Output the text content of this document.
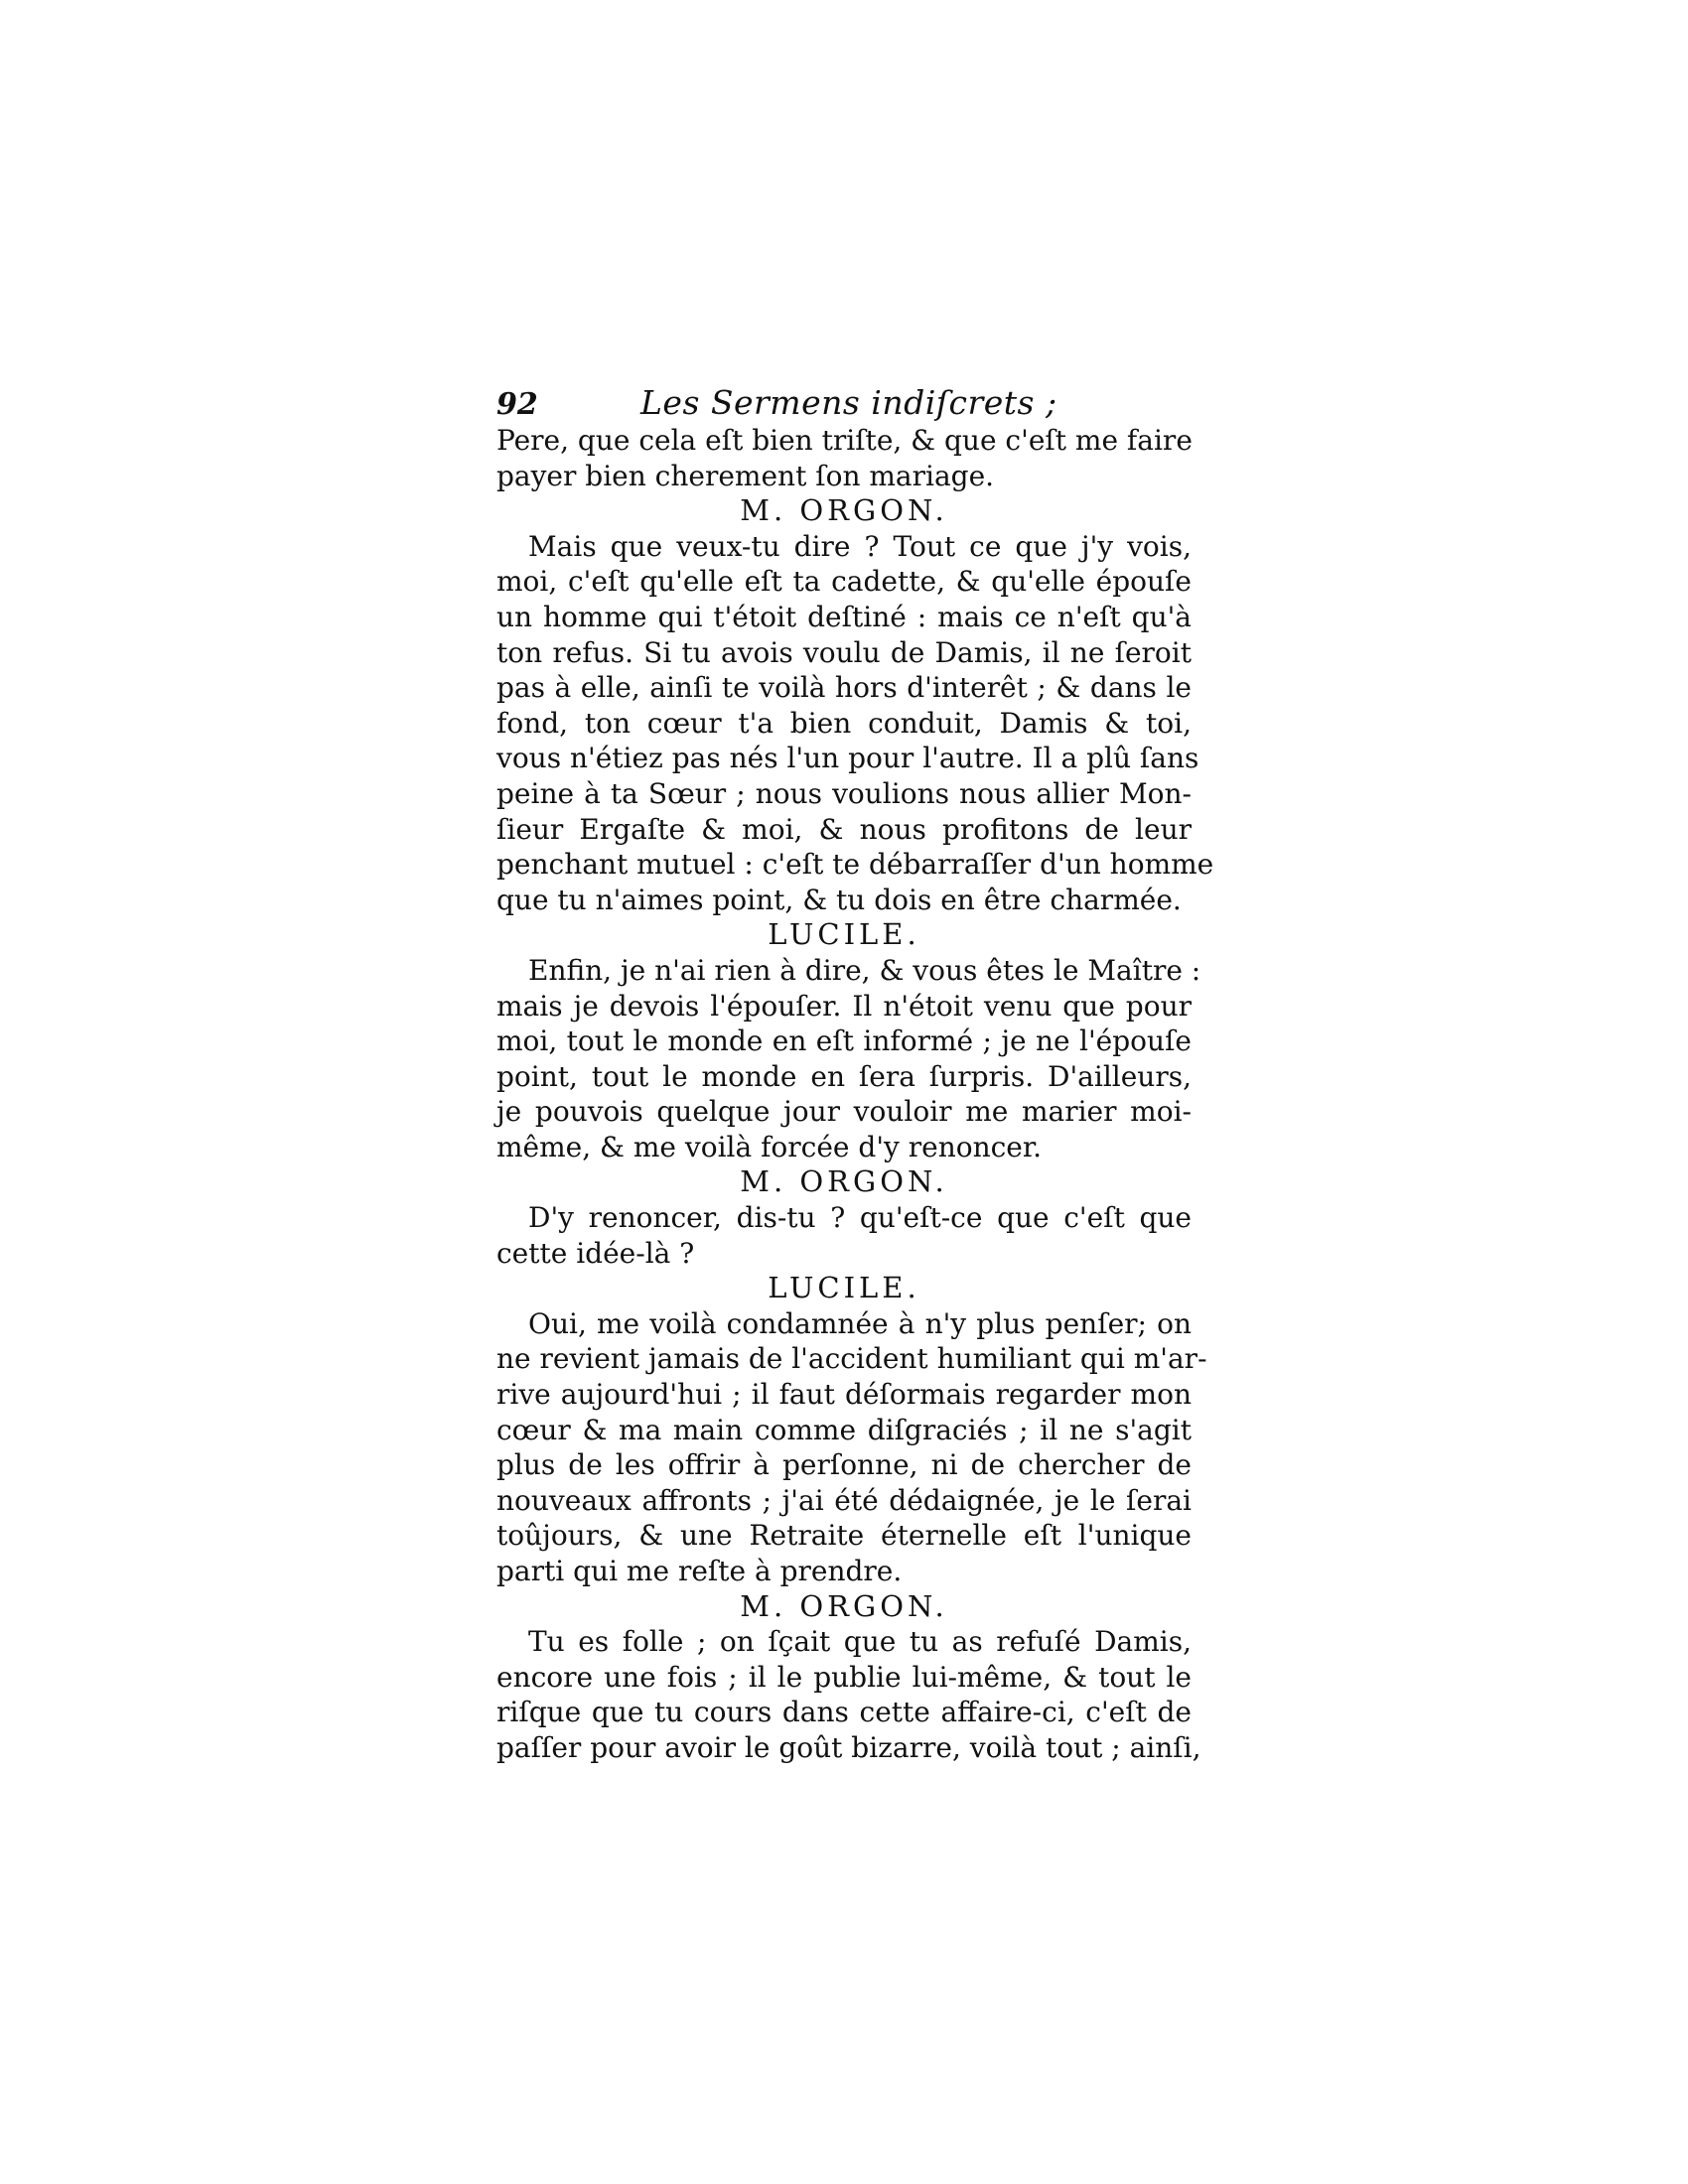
92	Les Sermens indiſcrets ;
Pere, que cela eſt bien triſte, & que c'eſt me faire
payer bien cherement ſon mariage.
M. ORGON.
Mais que veux-tu dire ? Tout ce que j'y vois,
moi, c'eſt qu'elle eſt ta cadette, & qu'elle épouſe
un homme qui t'étoit deſtiné : mais ce n'eſt qu'à
ton refus. Si tu avois voulu de Damis, il ne ſeroit
pas à elle, ainſi te voilà hors d'interêt ; & dans le
fond, ton cœur t'a bien conduit, Damis & toi,
vous n'étiez pas nés l'un pour l'autre. Il a plû ſans
peine à ta Sœur ; nous voulions nous allier Mon-
ſieur Ergaſte & moi, & nous profitons de leur
penchant mutuel : c'eſt te débarraſſer d'un homme
que tu n'aimes point, & tu dois en être charmée.
LUCILE.
Enfin, je n'ai rien à dire, & vous êtes le Maître :
mais je devois l'épouſer. Il n'étoit venu que pour
moi, tout le monde en eſt informé ; je ne l'épouſe
point, tout le monde en ſera ſurpris. D'ailleurs,
je pouvois quelque jour vouloir me marier moi-
même, & me voilà forcée d'y renoncer.
M. ORGON.
D'y renoncer, dis-tu ? qu'eſt-ce que c'eſt que
cette idée-là ?
LUCILE.
Oui, me voilà condamnée à n'y plus penſer; on
ne revient jamais de l'accident humiliant qui m'ar-
rive aujourd'hui ; il faut déſormais regarder mon
cœur & ma main comme diſgraciés ; il ne s'agit
plus de les offrir à perſonne, ni de chercher de
nouveaux affronts ; j'ai été dédaignée, je le ſerai
toûjours, & une Retraite éternelle eſt l'unique
parti qui me reſte à prendre.
M. ORGON.
Tu es folle ; on ſçait que tu as refuſé Damis,
encore une fois ; il le publie lui-même, & tout le
riſque que tu cours dans cette affaire-ci, c'eſt de
paſſer pour avoir le goût bizarre, voilà tout ; ainſi,
